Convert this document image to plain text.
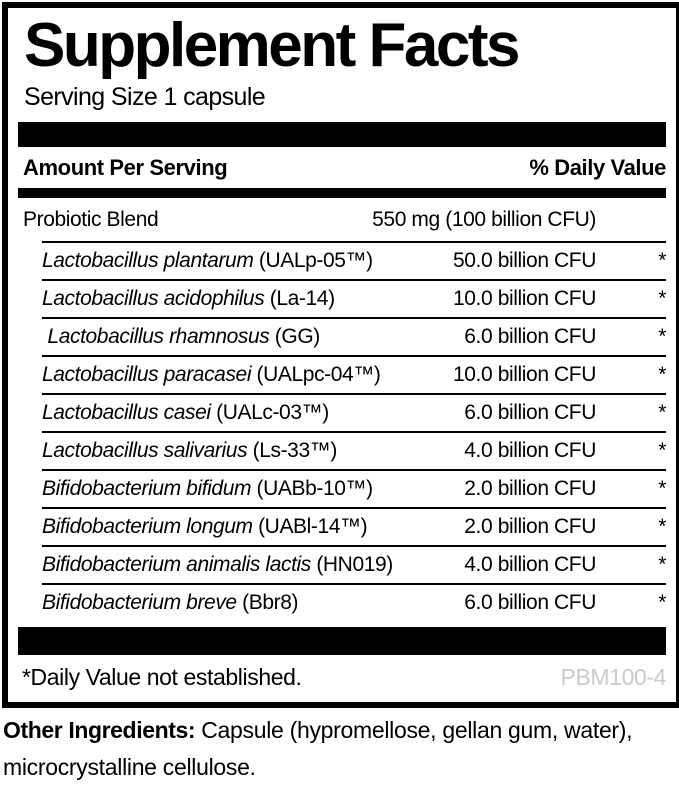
Supplement Facts
Serving Size 1 capsule
Amount Per Serving	% Daily Value
Probiotic Blend	550 mg (100 billion CFU)
Lactobacillus plantarum (UALp-05™)	50.0 billion CFU	*
Lactobacillus acidophilus (La-14)	10.0 billion CFU	*
Lactobacillus rhamnosus (GG)	6.0 billion CFU	*
Lactobacillus paracasei (UALpc-04™)	10.0 billion CFU	*
Lactobacillus casei (UALc-03™)	6.0 billion CFU	*
Lactobacillus salivarius (Ls-33™)	4.0 billion CFU	*
Bifidobacterium bifidum (UABb-10™)	2.0 billion CFU	*
Bifidobacterium longum (UABl-14™)	2.0 billion CFU	*
Bifidobacterium animalis lactis (HN019)	4.0 billion CFU	*
Bifidobacterium breve (Bbr8)	6.0 billion CFU	*
*Daily Value not established.	PBM100-4
Other Ingredients: Capsule (hypromellose, gellan gum, water),
microcrystalline cellulose.
